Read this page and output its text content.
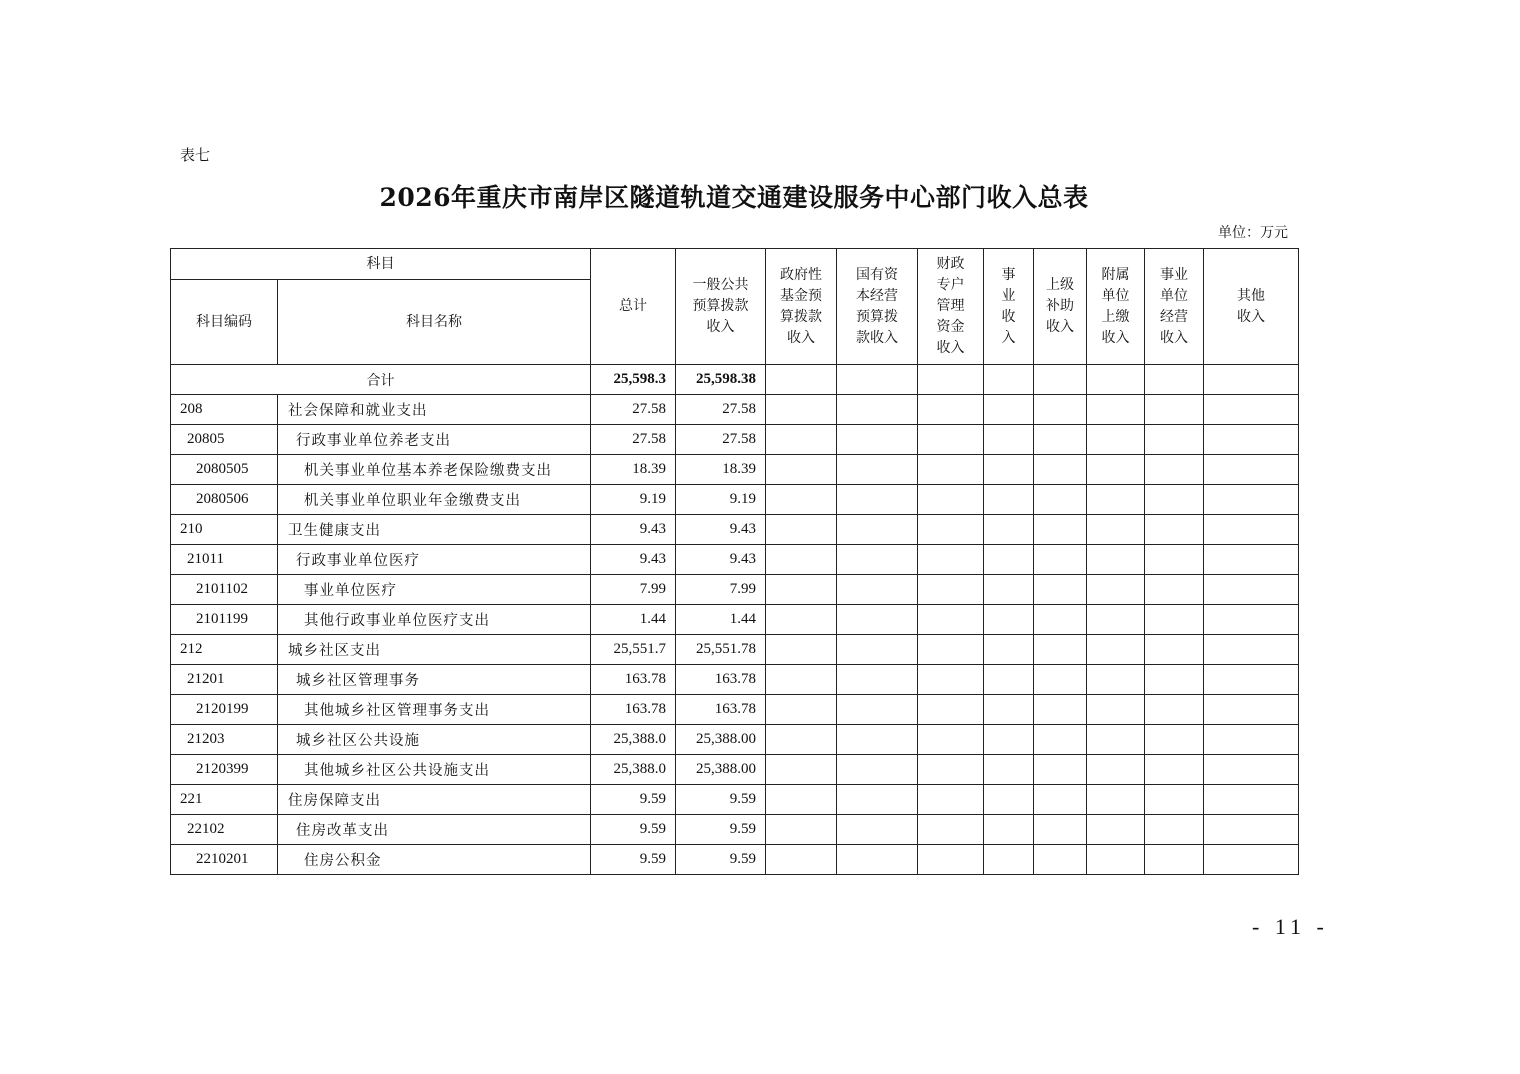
表七
2026年重庆市南岸区隧道轨道交通建设服务中心部门收入总表
单位：万元
科目		总计	一般公共预算拨款收入	政府性基金预算拨款收入	国有资本经营预算拨款收入	财政专户管理资金收入	事业收入	上级补助收入	附属单位上缴收入	事业单位经营收入	其他收入

科目编码	科目名称										
合计		25,598.3	25,598.38								
208	社会保障和就业支出	27.58	27.58								
20805	行政事业单位养老支出	27.58	27.58								
2080505	机关事业单位基本养老保险缴费支出	18.39	18.39								
2080506	机关事业单位职业年金缴费支出	9.19	9.19								
210	卫生健康支出	9.43	9.43								
21011	行政事业单位医疗	9.43	9.43								
2101102	事业单位医疗	7.99	7.99								
2101199	其他行政事业单位医疗支出	1.44	1.44								
212	城乡社区支出	25,551.7	25,551.78								
21201	城乡社区管理事务	163.78	163.78								
2120199	其他城乡社区管理事务支出	163.78	163.78								
21203	城乡社区公共设施	25,388.0	25,388.00								
2120399	其他城乡社区公共设施支出	25,388.0	25,388.00								
221	住房保障支出	9.59	9.59								
22102	住房改革支出	9.59	9.59								
2210201	住房公积金	9.59	9.59								
- 11 -
